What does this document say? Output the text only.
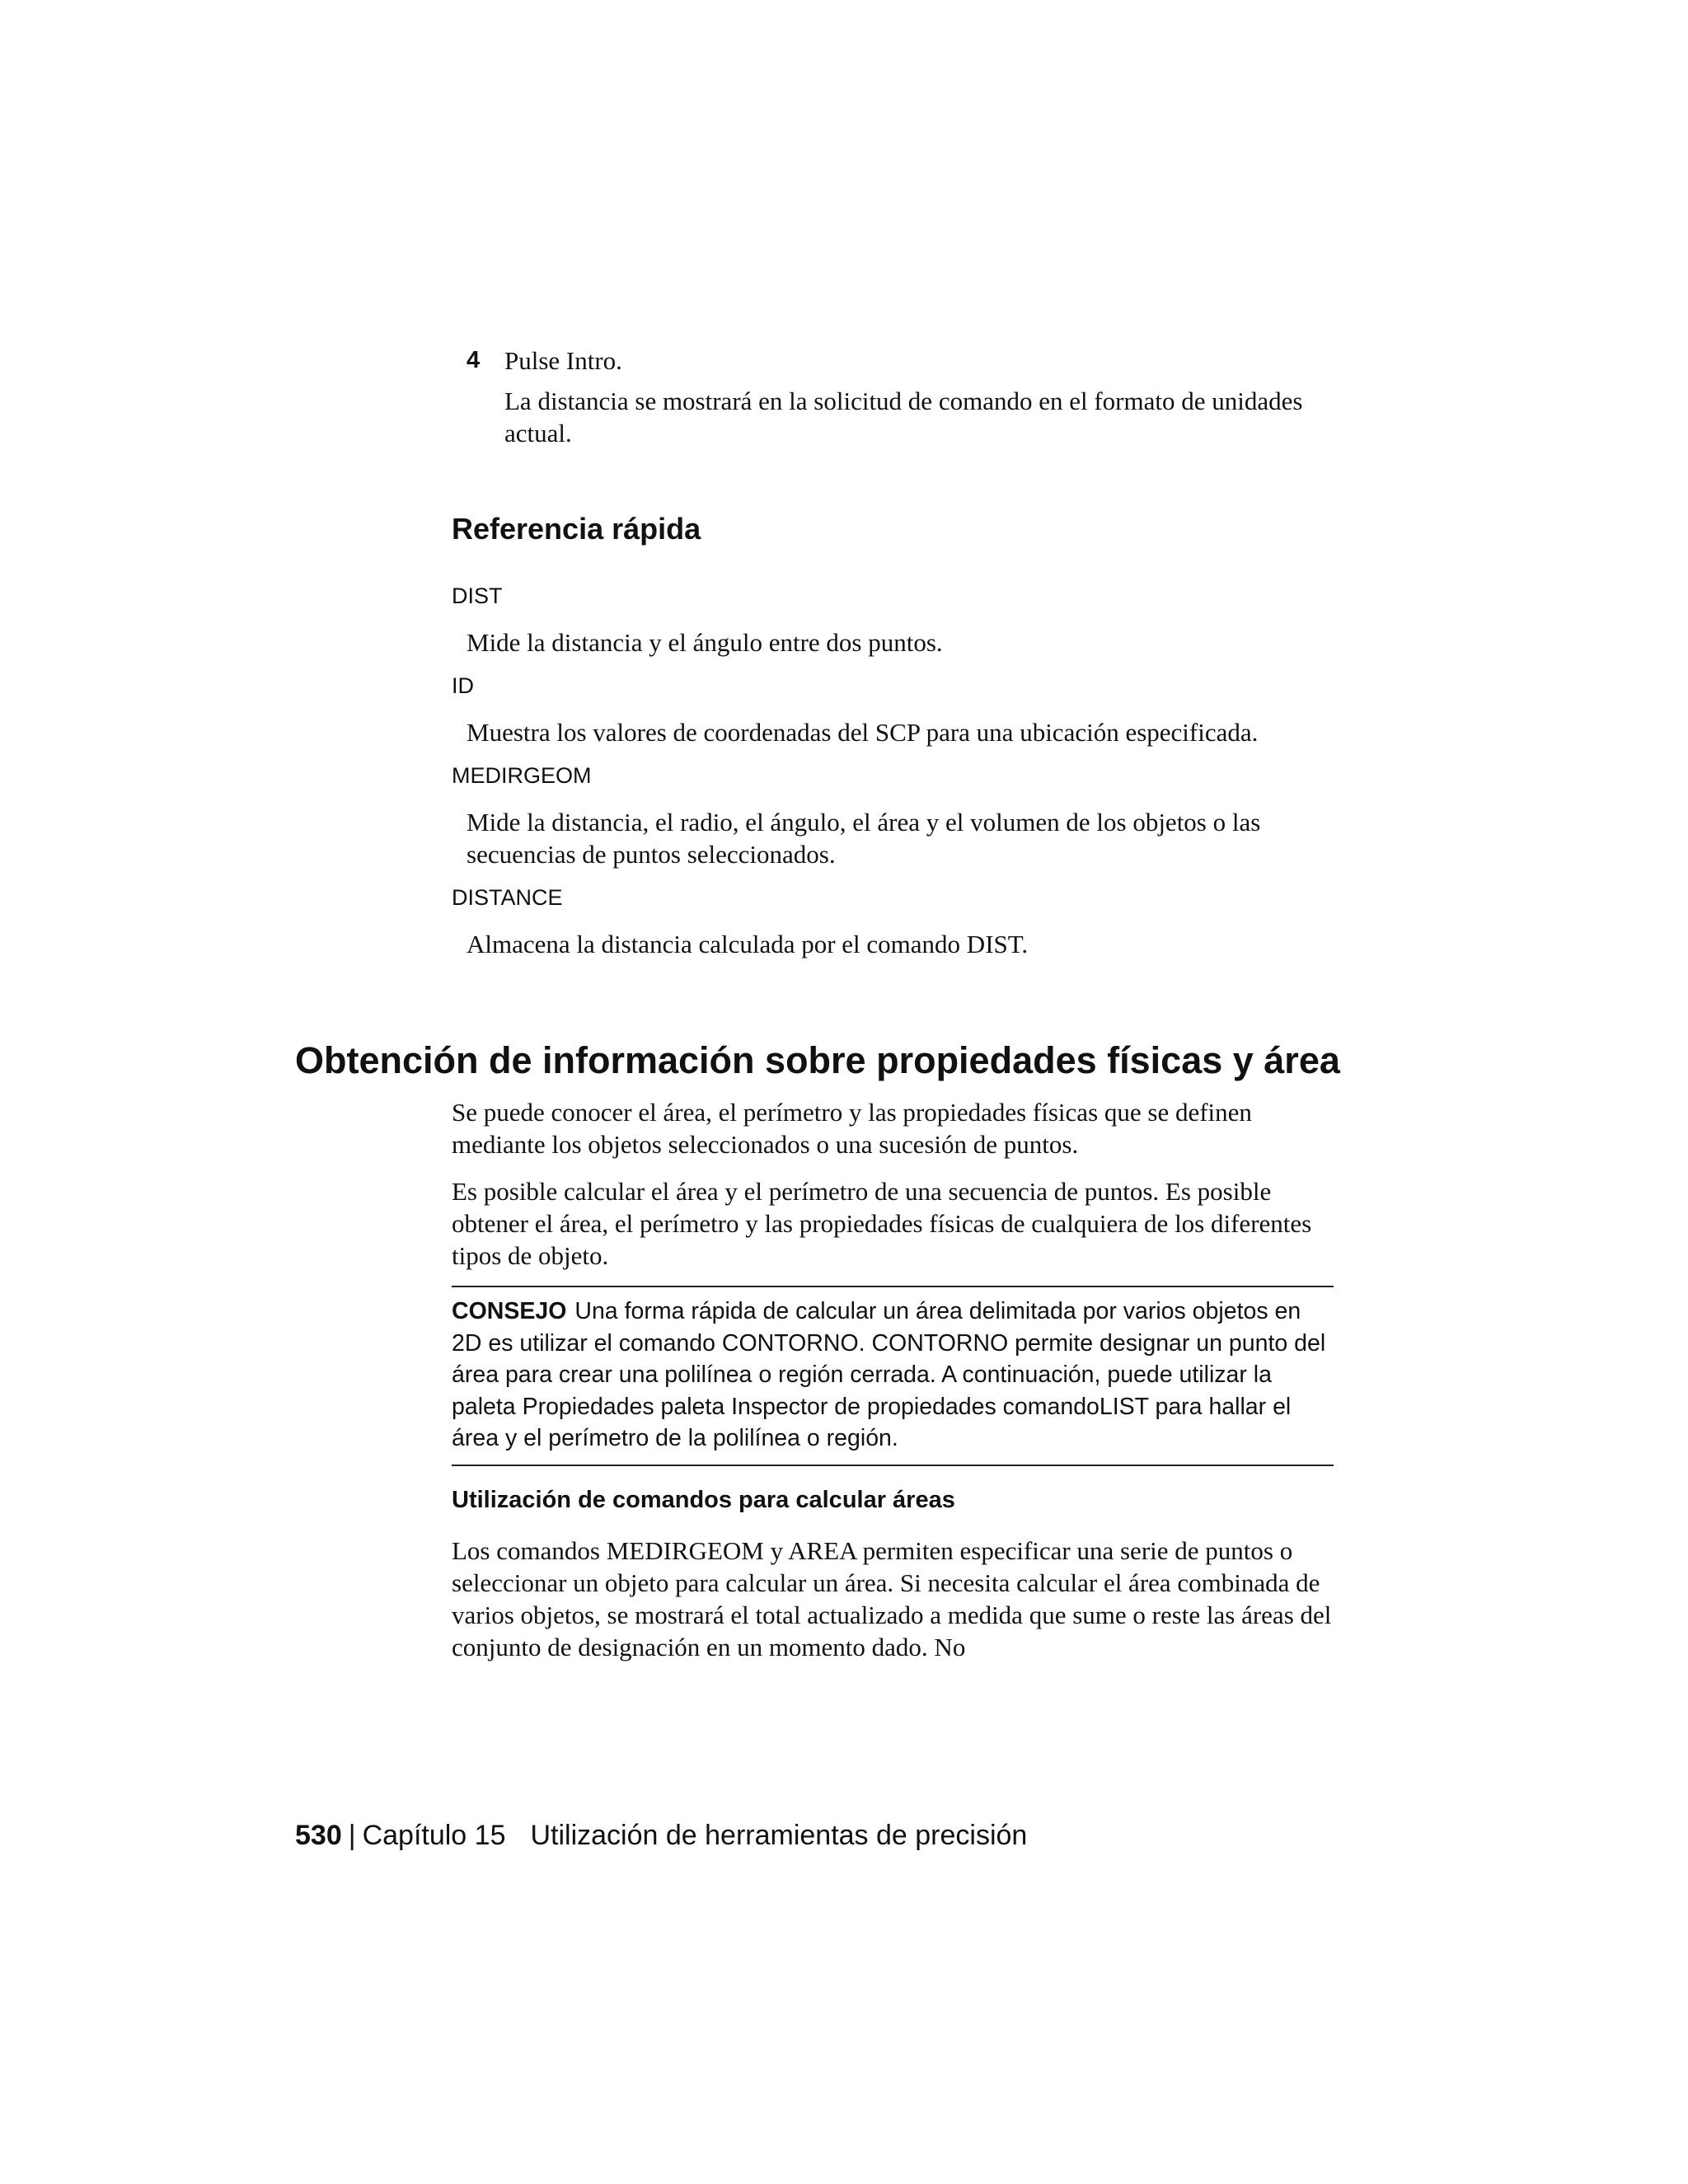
4 Pulse Intro.

La distancia se mostrará en la solicitud de comando en el formato de unidades actual.

Referencia rápida
DIST
Mide la distancia y el ángulo entre dos puntos.
ID
Muestra los valores de coordenadas del SCP para una ubicación especificada.
MEDIRGEOM
Mide la distancia, el radio, el ángulo, el área y el volumen de los objetos o las secuencias de puntos seleccionados.
DISTANCE
Almacena la distancia calculada por el comando DIST.
Obtención de información sobre propiedades físicas y área

Se puede conocer el área, el perímetro y las propiedades físicas que se definen mediante los objetos seleccionados o una sucesión de puntos.

Es posible calcular el área y el perímetro de una secuencia de puntos. Es posible obtener el área, el perímetro y las propiedades físicas de cualquiera de los diferentes tipos de objeto.

CONSEJO Una forma rápida de calcular un área delimitada por varios objetos en 2D es utilizar el comando CONTORNO. CONTORNO permite designar un punto del área para crear una polilínea o región cerrada. A continuación, puede utilizar la paleta Propiedades paleta Inspector de propiedades comandoLIST para hallar el área y el perímetro de la polilínea o región.

Utilización de comandos para calcular áreas

Los comandos MEDIRGEOM y AREA permiten especificar una serie de puntos o seleccionar un objeto para calcular un área. Si necesita calcular el área combinada de varios objetos, se mostrará el total actualizado a medida que sume o reste las áreas del conjunto de designación en un momento dado. No

530 | Capítulo 15 Utilización de herramientas de precisión
